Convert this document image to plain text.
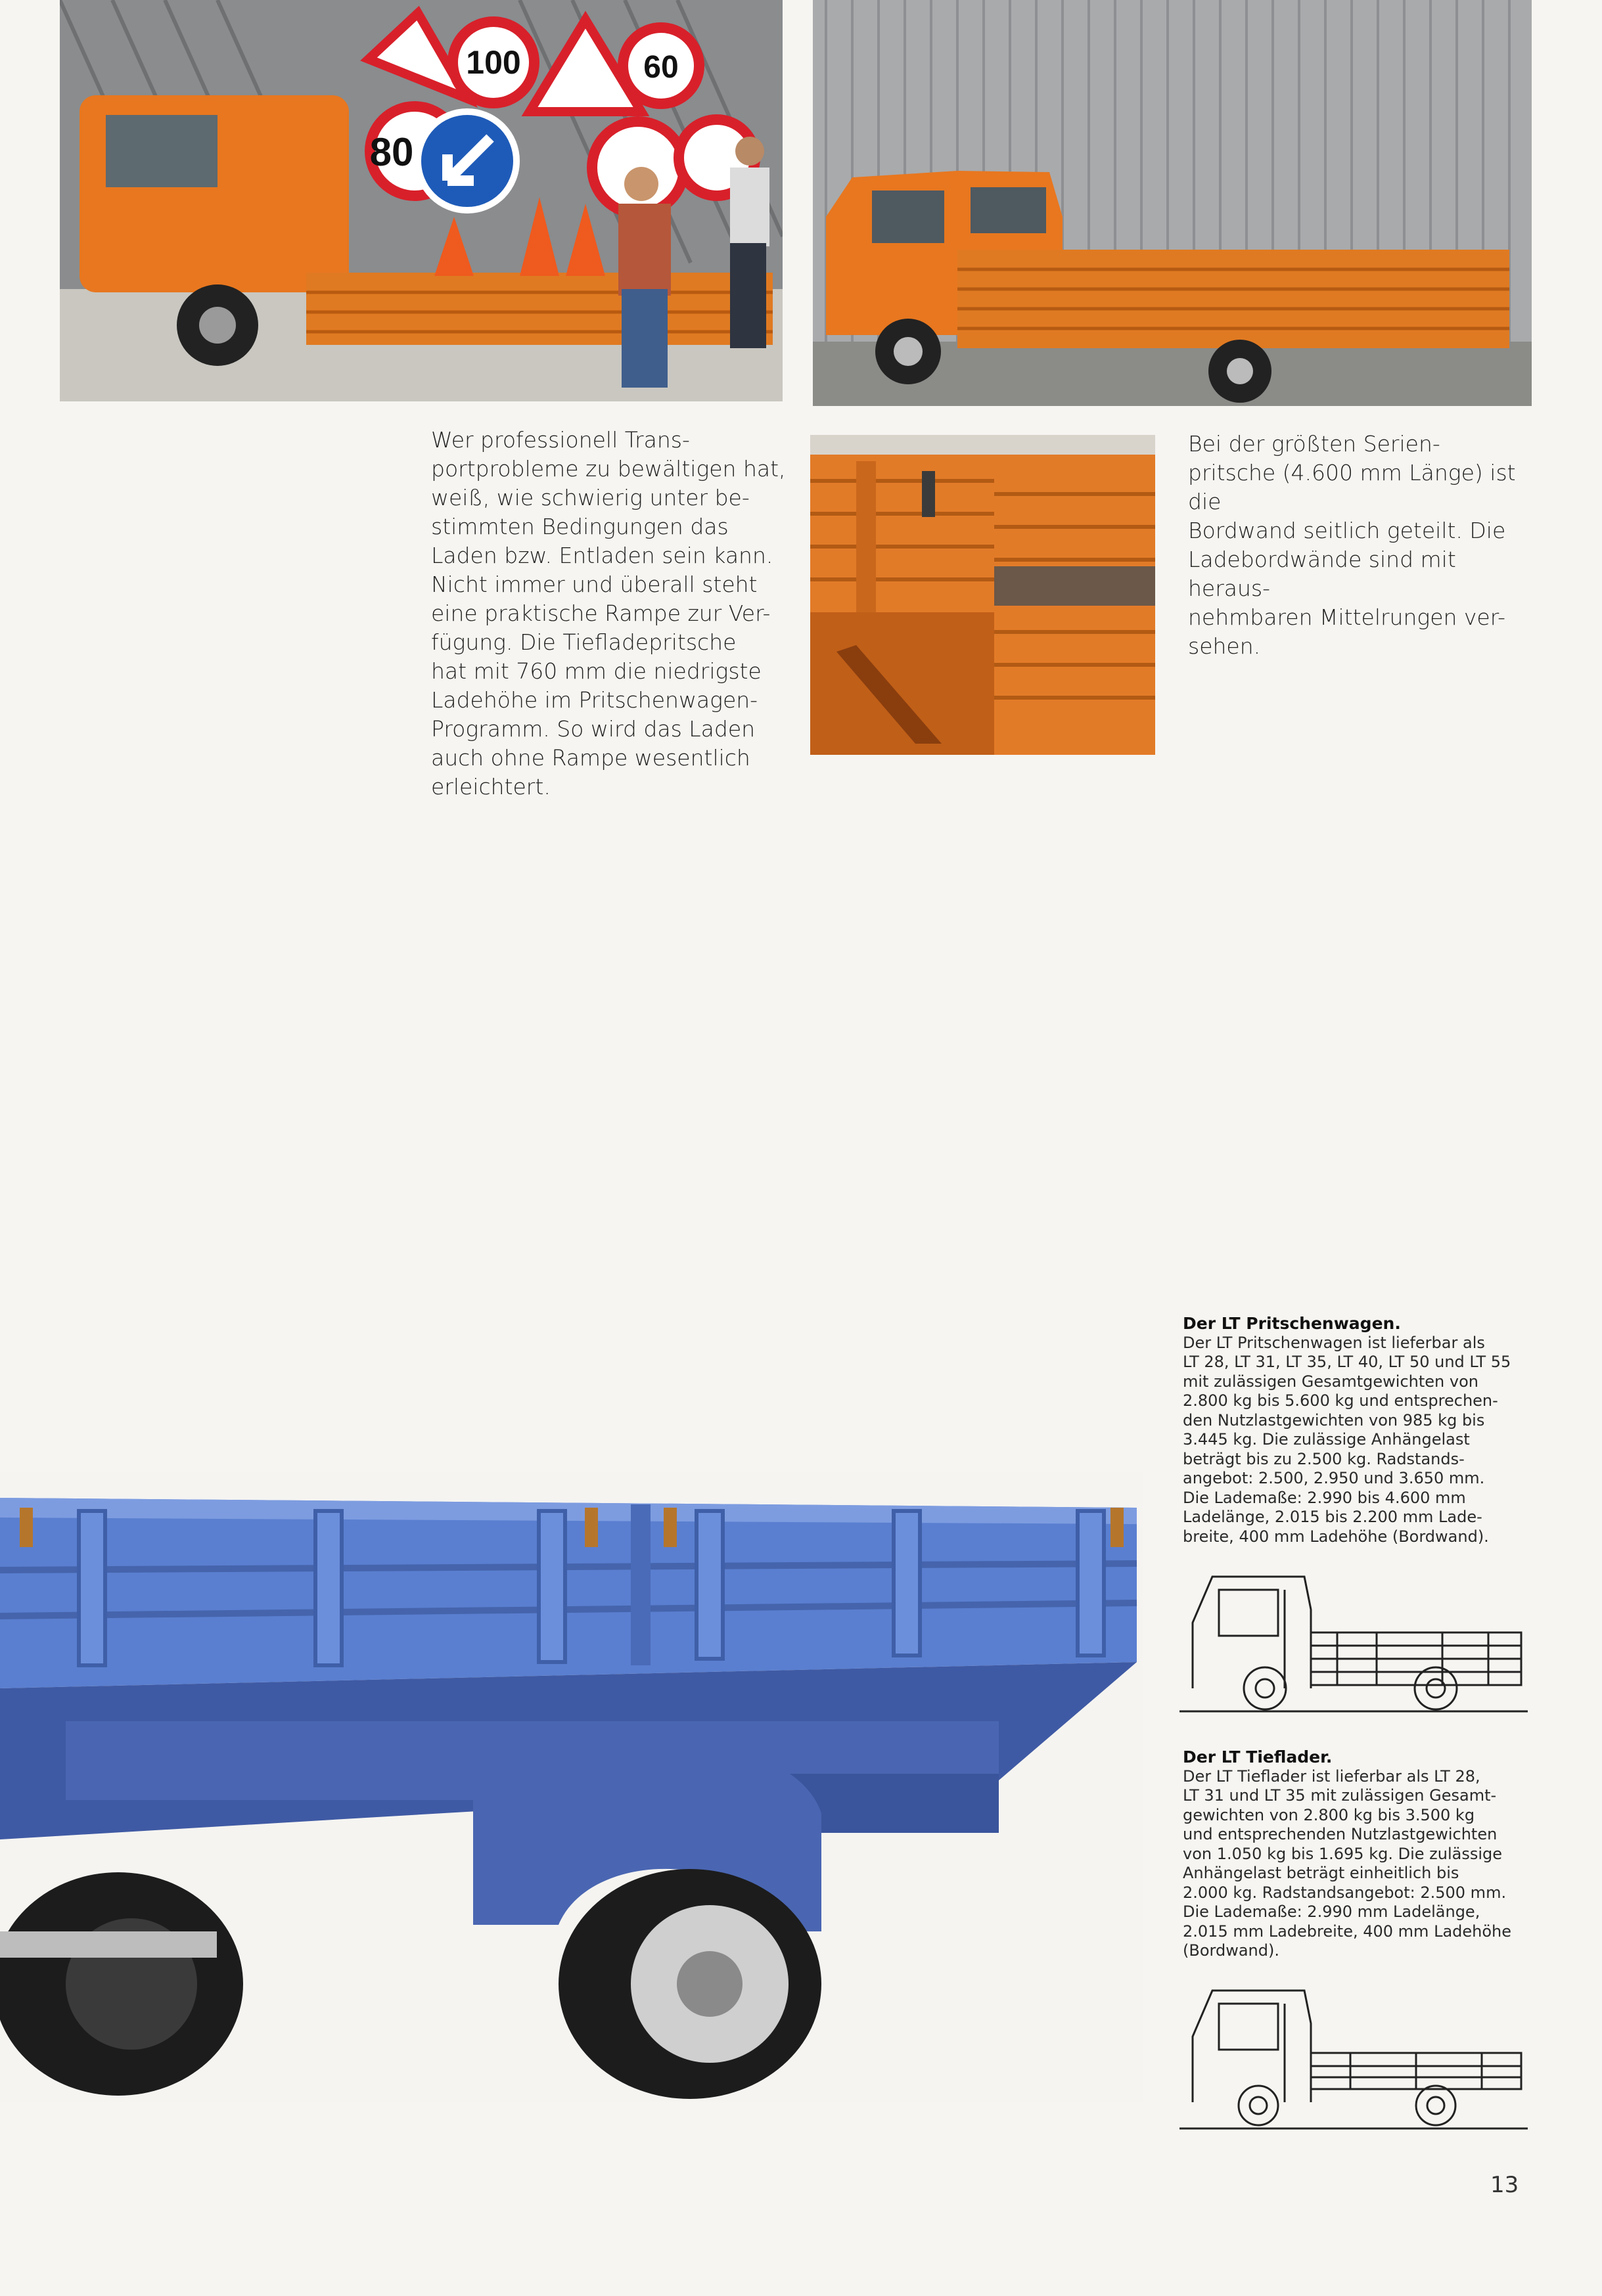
100	60
80
Wer professionell Trans-
portprobleme zu bewältigen hat,
weiß, wie schwierig unter be-
stimmten Bedingungen das
Laden bzw. Entladen sein kann.
Nicht immer und überall steht
eine praktische Rampe zur Ver-
fügung. Die Tiefladepritsche
hat mit 760 mm die niedrigste
Ladehöhe im Pritschenwagen-
Programm. So wird das Laden
auch ohne Rampe wesentlich
erleichtert.
Bei der größten Serien-
pritsche (4.600 mm Länge) ist die
Bordwand seitlich geteilt. Die
Ladebordwände sind mit heraus-
nehmbaren Mittelrungen ver-
sehen.
Der LT Pritschenwagen.
Der LT Pritschenwagen ist lieferbar als
LT 28, LT 31, LT 35, LT 40, LT 50 und LT 55
mit zulässigen Gesamtgewichten von
2.800 kg bis 5.600 kg und entsprechen-
den Nutzlastgewichten von 985 kg bis
3.445 kg. Die zulässige Anhängelast
beträgt bis zu 2.500 kg. Radstands-
angebot: 2.500, 2.950 und 3.650 mm.
Die Lademaße: 2.990 bis 4.600 mm
Ladelänge, 2.015 bis 2.200 mm Lade-
breite, 400 mm Ladehöhe (Bordwand).
Der LT Tieflader.
Der LT Tieflader ist lieferbar als LT 28,
LT 31 und LT 35 mit zulässigen Gesamt-
gewichten von 2.800 kg bis 3.500 kg
und entsprechenden Nutzlastgewichten
von 1.050 kg bis 1.695 kg. Die zulässige
Anhängelast beträgt einheitlich bis
2.000 kg. Radstandsangebot: 2.500 mm.
Die Lademaße: 2.990 mm Ladelänge,
2.015 mm Ladebreite, 400 mm Ladehöhe
(Bordwand).
13
